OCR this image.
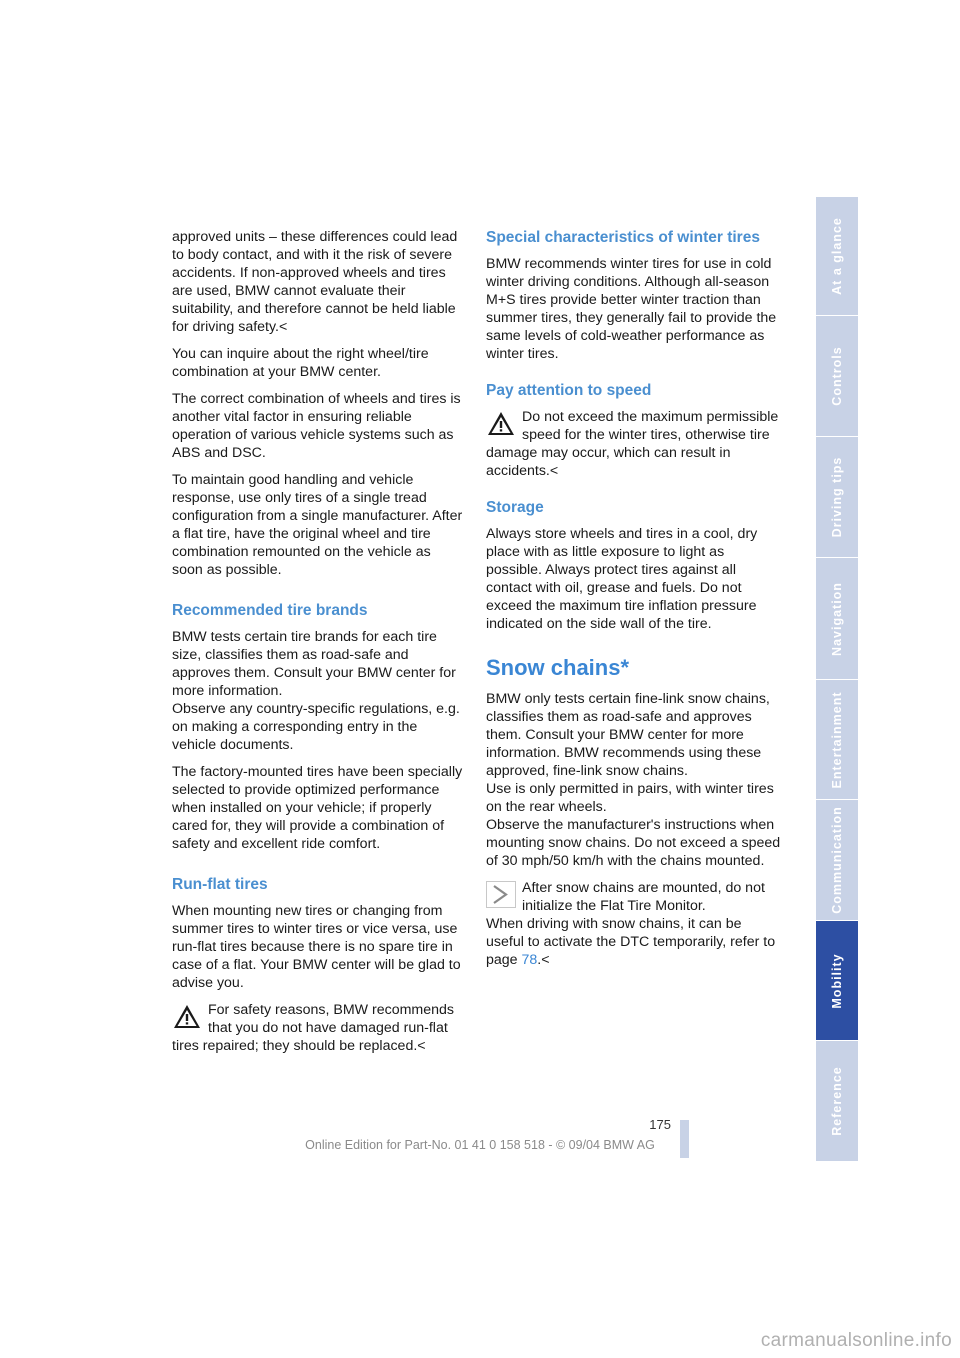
approved units – these differences could lead to body contact, and with it the risk of severe accidents. If non-approved wheels and tires are used, BMW cannot evaluate their suitability, and therefore cannot be held liable for driving safety.<

You can inquire about the right wheel/tire combination at your BMW center.

The correct combination of wheels and tires is another vital factor in ensuring reliable operation of various vehicle systems such as ABS and DSC.

To maintain good handling and vehicle response, use only tires of a single tread configuration from a single manufacturer. After a flat tire, have the original wheel and tire combination remounted on the vehicle as soon as possible.

Recommended tire brands

BMW tests certain tire brands for each tire size, classifies them as road-safe and approves them. Consult your BMW center for more information.

Observe any country-specific regulations, e.g. on making a corresponding entry in the vehicle documents.

The factory-mounted tires have been specially selected to provide optimized performance when installed on your vehicle; if properly cared for, they will provide a combination of safety and excellent ride comfort.

Run-flat tires

When mounting new tires or changing from summer tires to winter tires or vice versa, use run-flat tires because there is no spare tire in case of a flat. Your BMW center will be glad to advise you.

For safety reasons, BMW recommends that you do not have damaged run-flat
tires repaired; they should be replaced.<
Special characteristics of winter tires

BMW recommends winter tires for use in cold winter driving conditions. Although all-season M+S tires provide better winter traction than summer tires, they generally fail to provide the same levels of cold-weather performance as winter tires.

Pay attention to speed
Do not exceed the maximum permissible speed for the winter tires, otherwise tire
damage may occur, which can result in accidents.<
Storage

Always store wheels and tires in a cool, dry place with as little exposure to light as possible. Always protect tires against all contact with oil, grease and fuels. Do not exceed the maximum tire inflation pressure indicated on the side wall of the tire.

Snow chains*

BMW only tests certain fine-link snow chains, classifies them as road-safe and approves them. Consult your BMW center for more information. BMW recommends using these approved, fine-link snow chains.

Use is only permitted in pairs, with winter tires on the rear wheels.

Observe the manufacturer's instructions when mounting snow chains. Do not exceed a speed of 30 mph/50 km/h with the chains mounted.

After snow chains are mounted, do not initialize the Flat Tire Monitor.
When driving with snow chains, it can be useful to activate the DTC temporarily, refer to page 78.<
At a glance
Controls
Driving tips
Navigation
Entertainment
Communication
Mobility
Reference
175
Online Edition for Part-No. 01 41 0 158 518 - © 09/04 BMW AG
carmanualsonline.info
